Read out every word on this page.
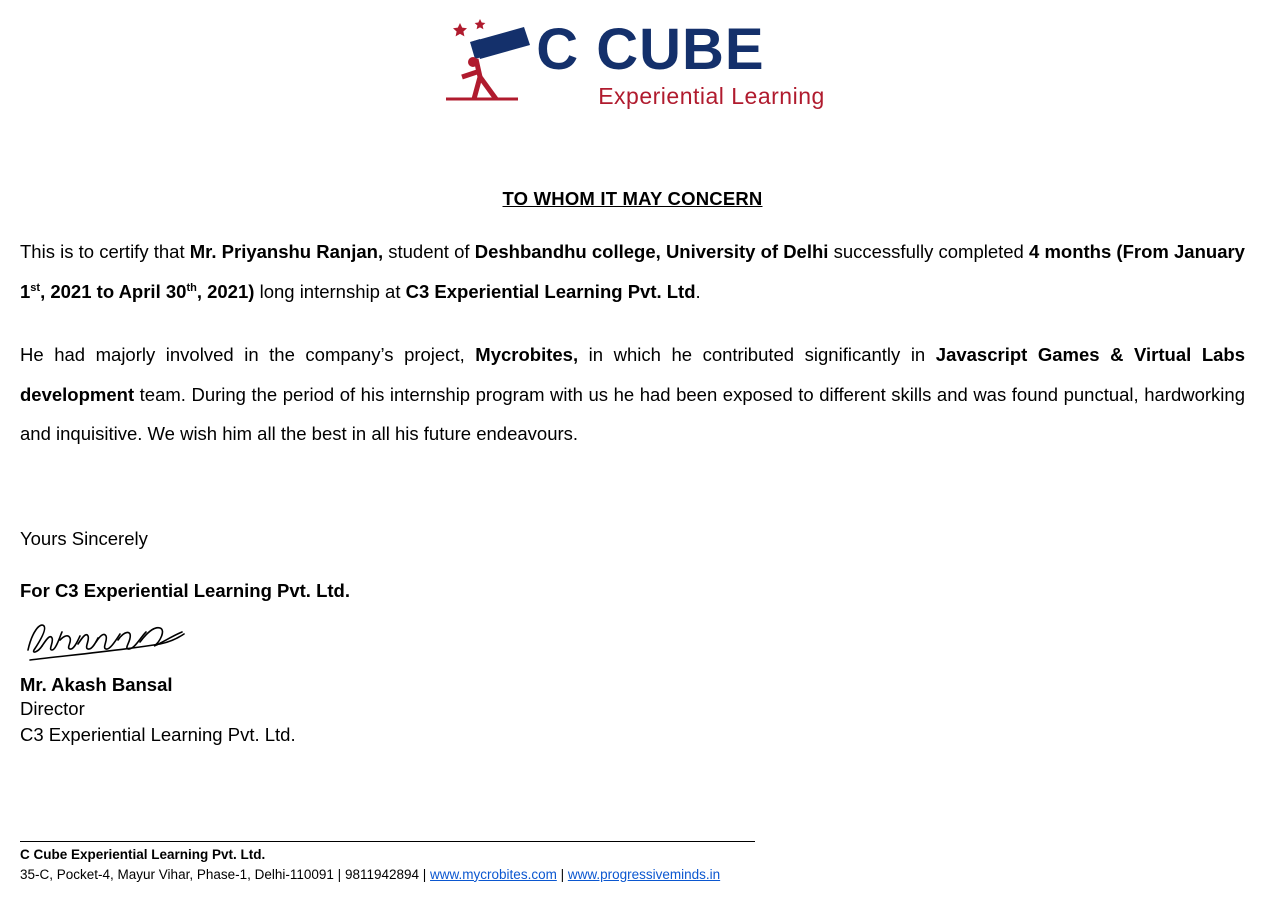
C CUBE
Experiential Learning
TO WHOM IT MAY CONCERN

This is to certify that Mr. Priyanshu Ranjan, student of Deshbandhu college, University of Delhi successfully completed 4 months (From January 1st, 2021 to April 30th, 2021) long internship at C3 Experiential Learning Pvt. Ltd.

He had majorly involved in the company’s project, Mycrobites, in which he contributed significantly in Javascript Games & Virtual Labs development team. During the period of his internship program with us he had been exposed to different skills and was found punctual, hardworking and inquisitive. We wish him all the best in all his future endeavours.

Yours Sincerely
For C3 Experiential Learning Pvt. Ltd.
Mr. Akash Bansal
Director
C3 Experiential Learning Pvt. Ltd.
C Cube Experiential Learning Pvt. Ltd.
35-C, Pocket-4, Mayur Vihar, Phase-1, Delhi-110091 | 9811942894 | www.mycrobites.com | www.progressiveminds.in
